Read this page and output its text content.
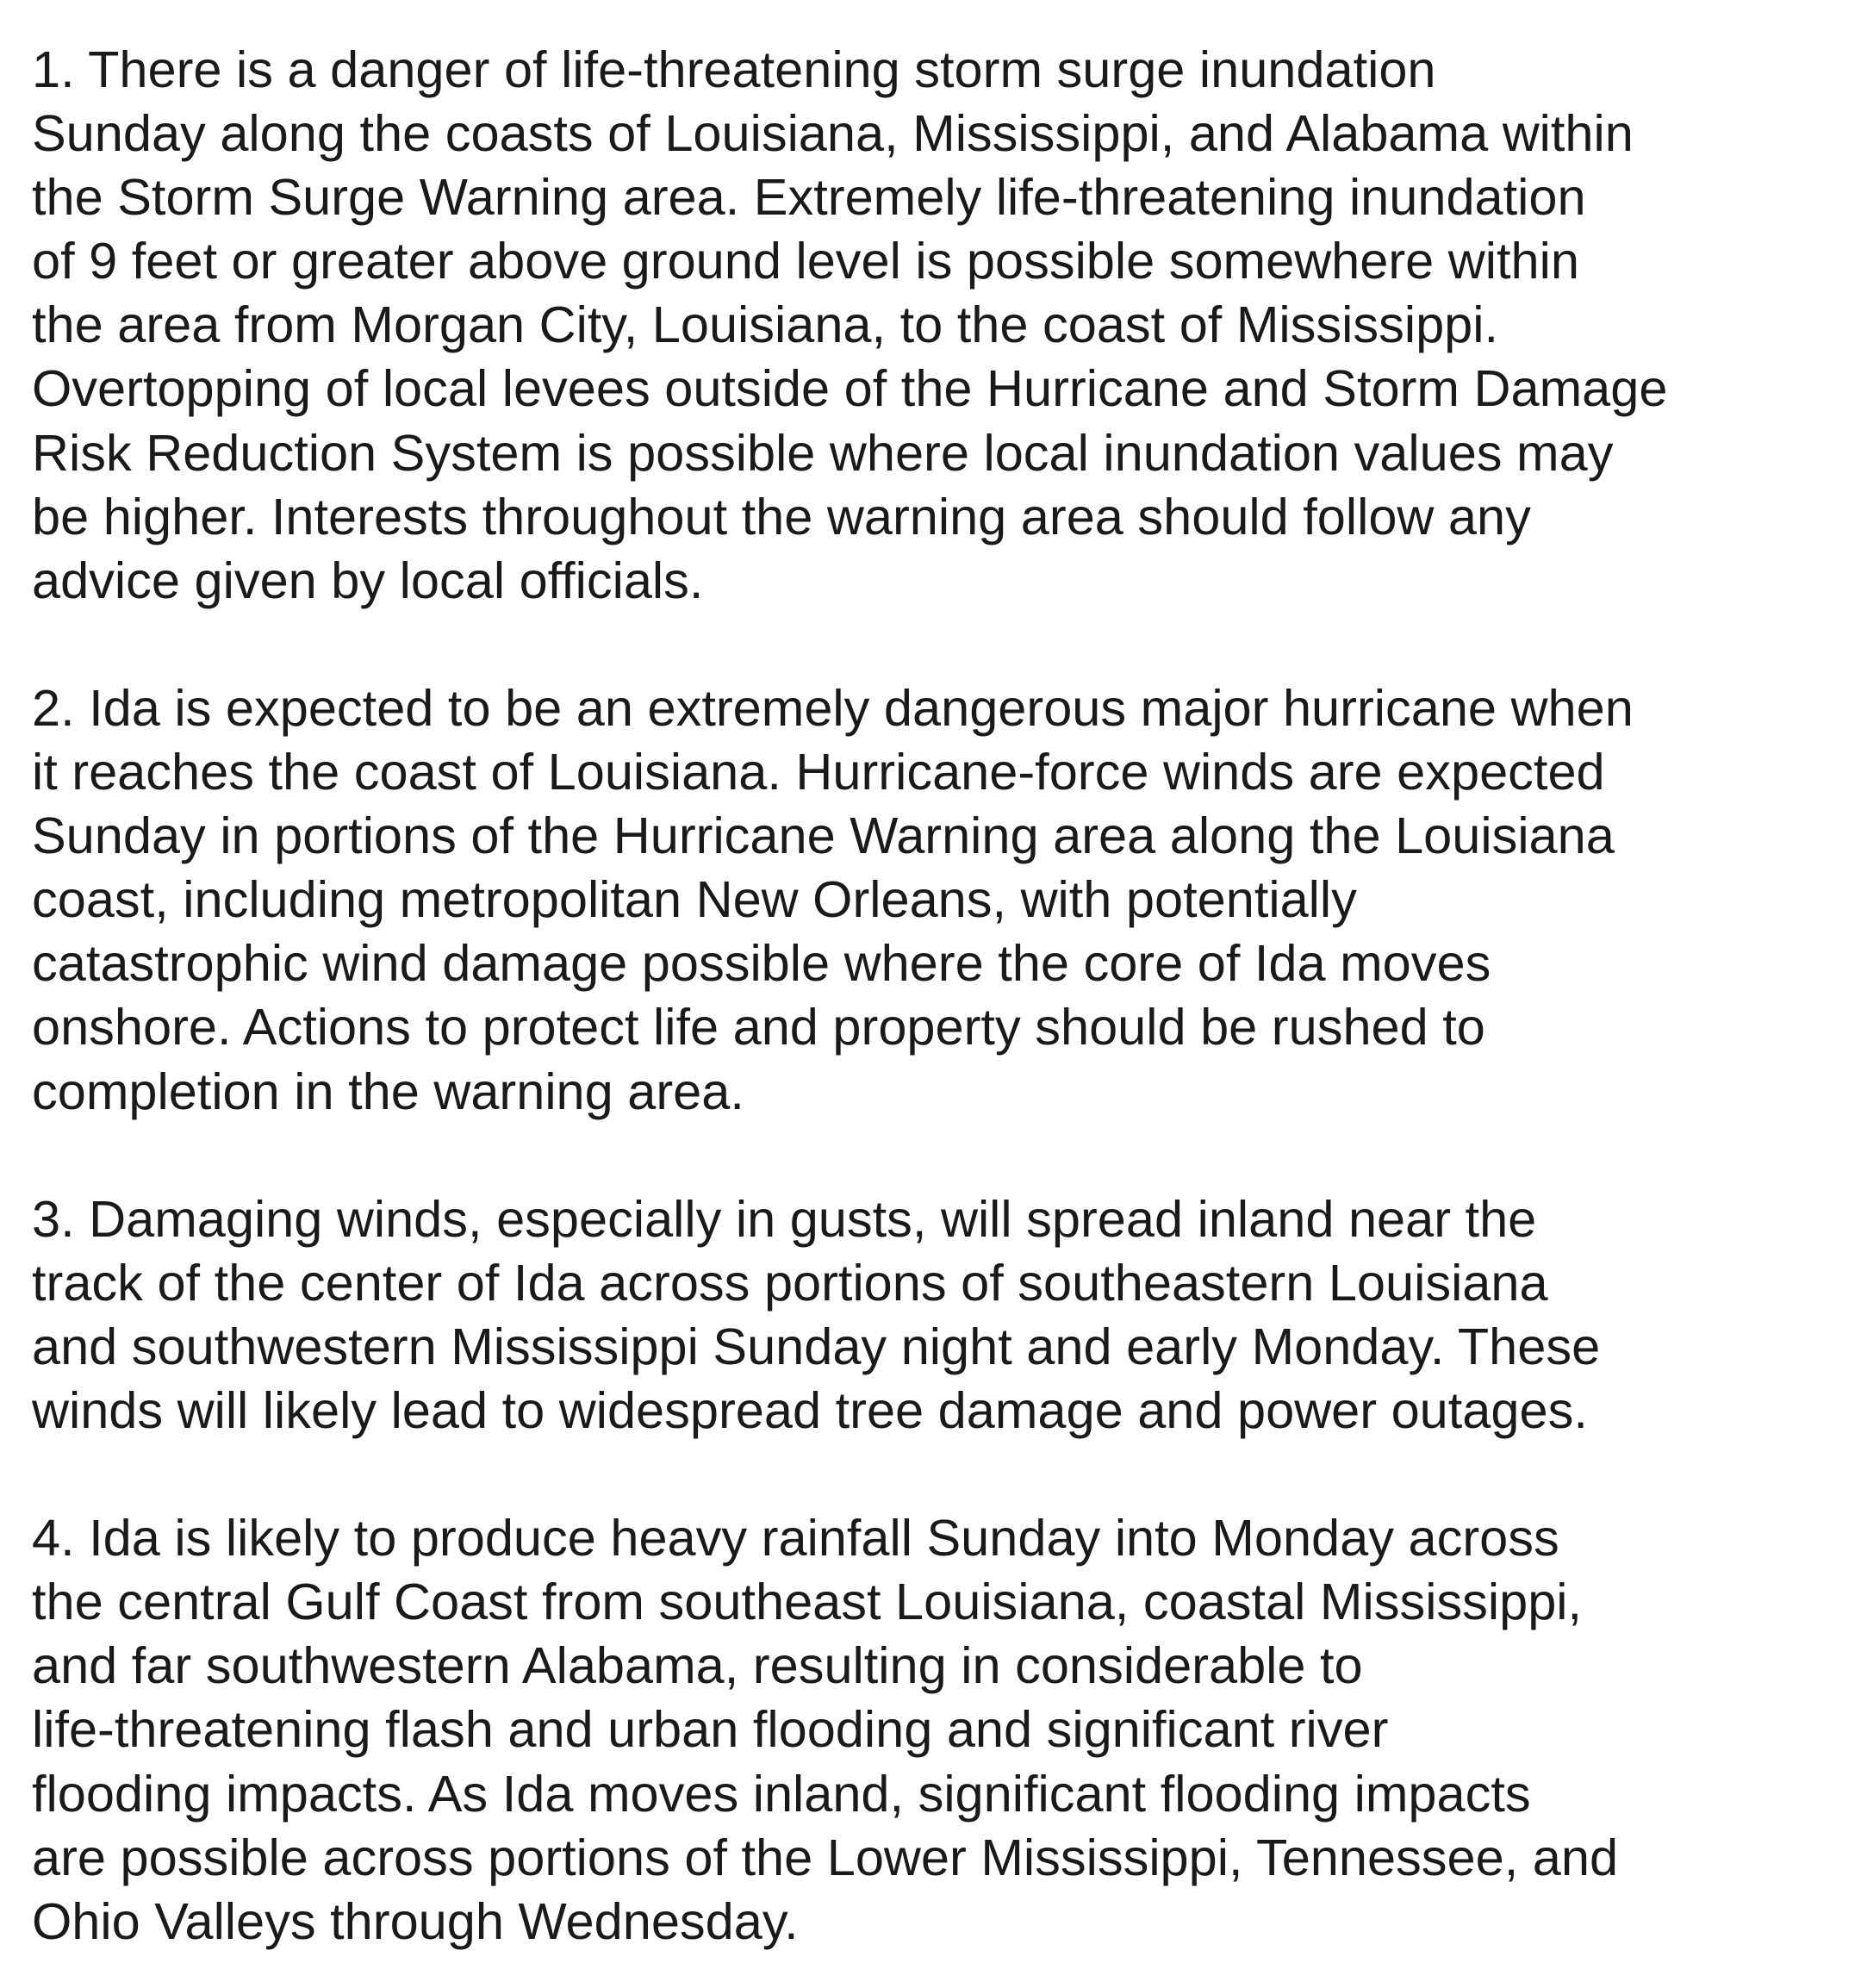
1. There is a danger of life-threatening storm surge inundation
Sunday along the coasts of Louisiana, Mississippi, and Alabama within
the Storm Surge Warning area. Extremely life-threatening inundation
of 9 feet or greater above ground level is possible somewhere within
the area from Morgan City, Louisiana, to the coast of Mississippi.
Overtopping of local levees outside of the Hurricane and Storm Damage
Risk Reduction System is possible where local inundation values may
be higher. Interests throughout the warning area should follow any
advice given by local officials.
2. Ida is expected to be an extremely dangerous major hurricane when
it reaches the coast of Louisiana. Hurricane-force winds are expected
Sunday in portions of the Hurricane Warning area along the Louisiana
coast, including metropolitan New Orleans, with potentially
catastrophic wind damage possible where the core of Ida moves
onshore. Actions to protect life and property should be rushed to
completion in the warning area.
3. Damaging winds, especially in gusts, will spread inland near the
track of the center of Ida across portions of southeastern Louisiana
and southwestern Mississippi Sunday night and early Monday. These
winds will likely lead to widespread tree damage and power outages.
4. Ida is likely to produce heavy rainfall Sunday into Monday across
the central Gulf Coast from southeast Louisiana, coastal Mississippi,
and far southwestern Alabama, resulting in considerable to
life-threatening flash and urban flooding and significant river
flooding impacts. As Ida moves inland, significant flooding impacts
are possible across portions of the Lower Mississippi, Tennessee, and
Ohio Valleys through Wednesday.
